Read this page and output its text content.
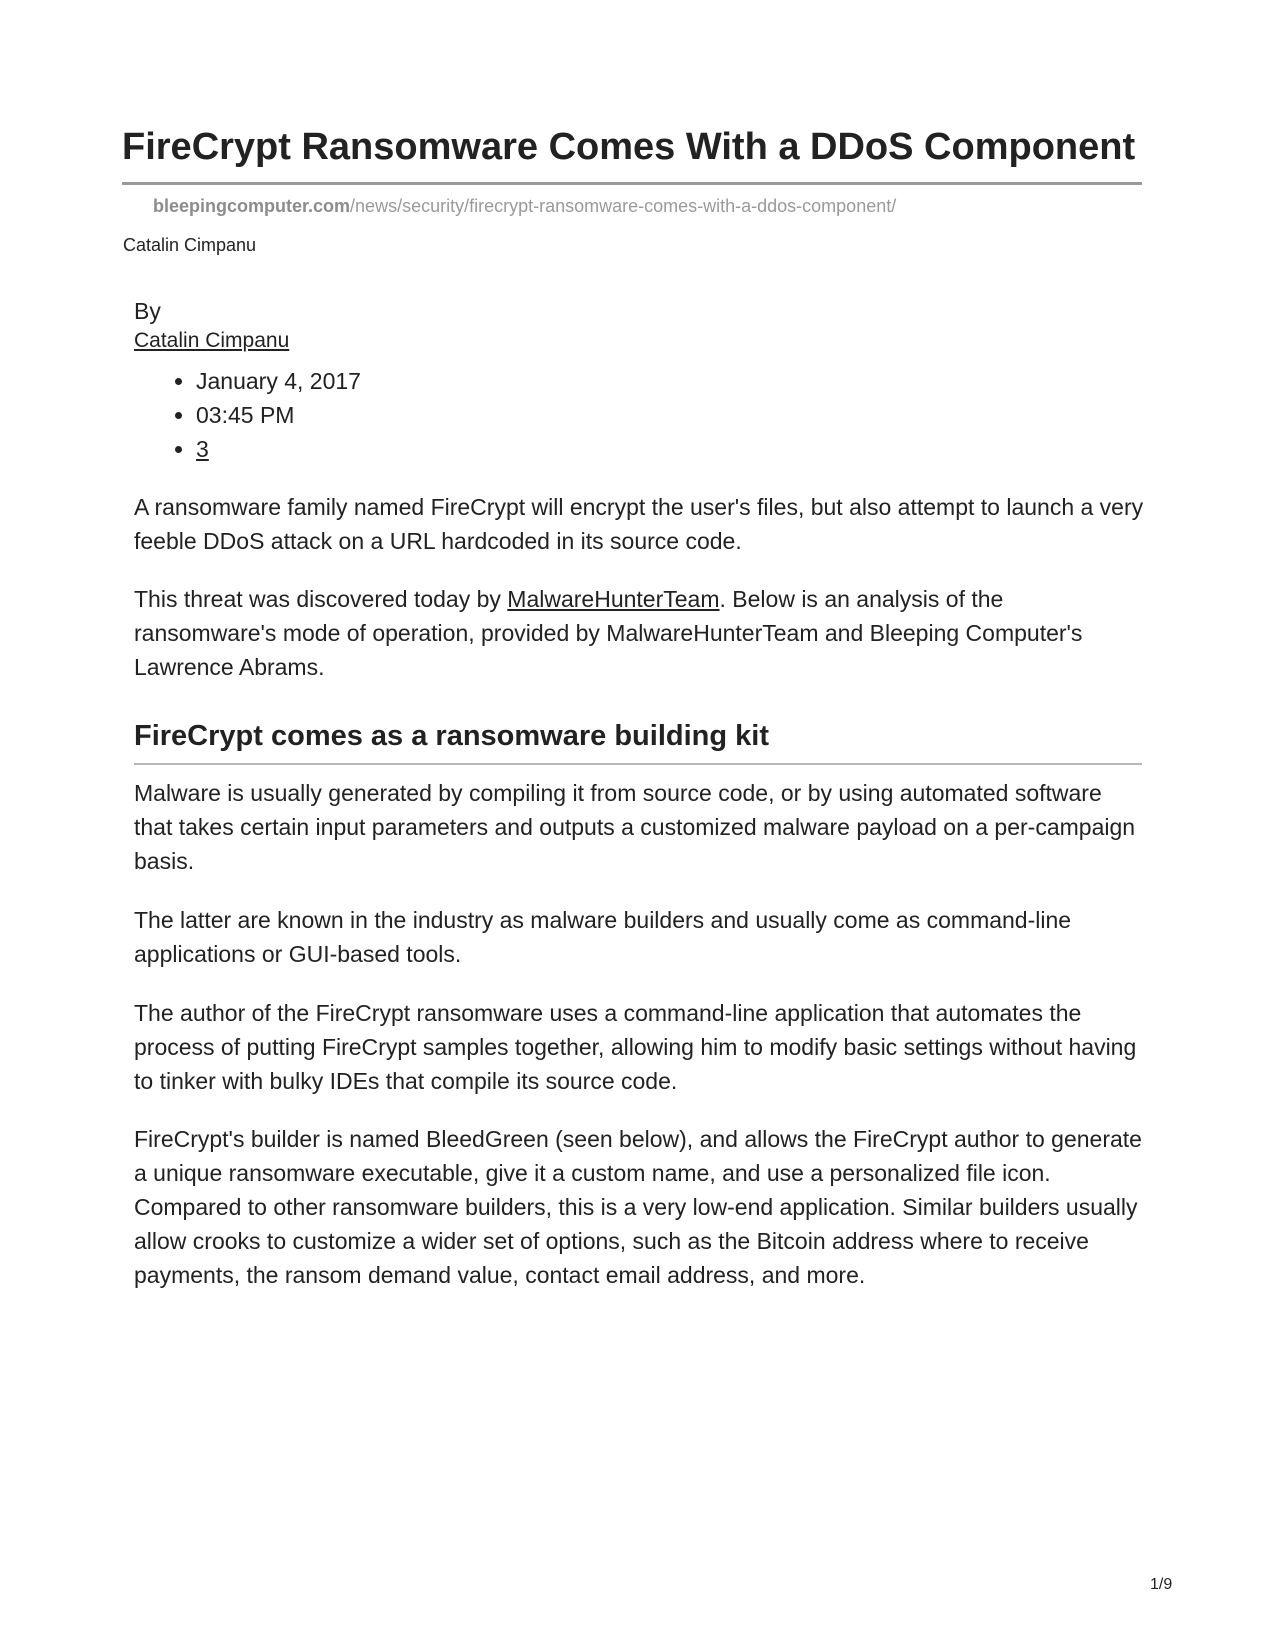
FireCrypt Ransomware Comes With a DDoS Component
bleepingcomputer.com/news/security/firecrypt-ransomware-comes-with-a-ddos-component/
Catalin Cimpanu
By
Catalin Cimpanu
• January 4, 2017
• 03:45 PM
• 3

A ransomware family named FireCrypt will encrypt the user's files, but also attempt to launch a very feeble DDoS attack on a URL hardcoded in its source code.

This threat was discovered today by MalwareHunterTeam. Below is an analysis of the ransomware's mode of operation, provided by MalwareHunterTeam and Bleeping Computer's Lawrence Abrams.

FireCrypt comes as a ransomware building kit

Malware is usually generated by compiling it from source code, or by using automated software that takes certain input parameters and outputs a customized malware payload on a per-campaign basis.

The latter are known in the industry as malware builders and usually come as command-line applications or GUI-based tools.

The author of the FireCrypt ransomware uses a command-line application that automates the process of putting FireCrypt samples together, allowing him to modify basic settings without having to tinker with bulky IDEs that compile its source code.

FireCrypt's builder is named BleedGreen (seen below), and allows the FireCrypt author to generate a unique ransomware executable, give it a custom name, and use a personalized file icon. Compared to other ransomware builders, this is a very low-end application. Similar builders usually allow crooks to customize a wider set of options, such as the Bitcoin address where to receive payments, the ransom demand value, contact email address, and more.

1/9
